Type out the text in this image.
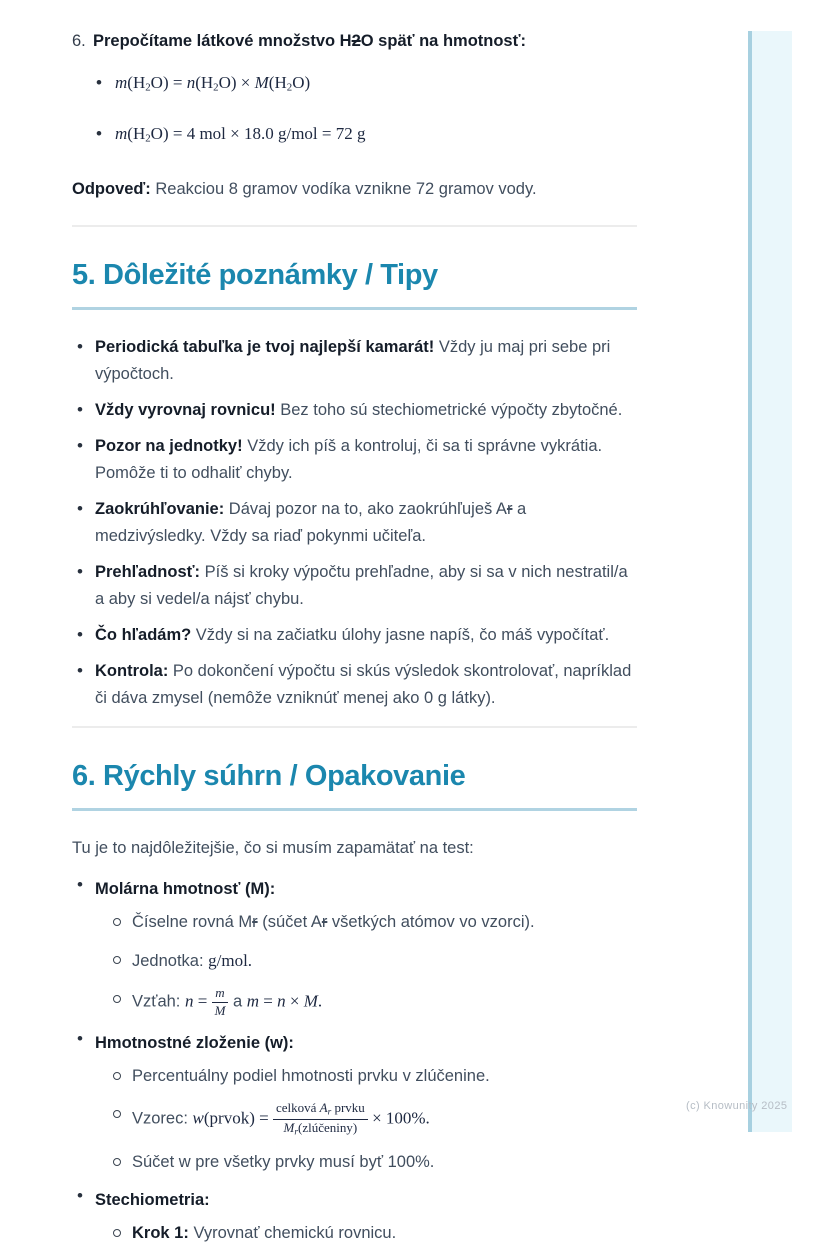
6. Prepočítame látkové množstvo H2O späť na hmotnosť:

• m(H2O) = n(H2O) × M(H2O)
• m(H2O) = 4 mol × 18.0 g/mol = 72 g

Odpoveď: Reakciou 8 gramov vodíka vznikne 72 gramov vody.

5. Dôležité poznámky / Tipy
• Periodická tabuľka je tvoj najlepší kamarát! Vždy ju maj pri sebe pri výpočtoch.
• Vždy vyrovnaj rovnicu! Bez toho sú stechiometrické výpočty zbytočné.
• Pozor na jednotky! Vždy ich píš a kontroluj, či sa ti správne vykrátia. Pomôže ti to odhaliť chyby.
• Zaokrúhľovanie: Dávaj pozor na to, ako zaokrúhľuješ Ar a medzivýsledky. Vždy sa riaď pokynmi učiteľa.
• Prehľadnosť: Píš si kroky výpočtu prehľadne, aby si sa v nich nestratil/a a aby si vedel/a nájsť chybu.
• Čo hľadám? Vždy si na začiatku úlohy jasne napíš, čo máš vypočítať.
• Kontrola: Po dokončení výpočtu si skús výsledok skontrolovať, napríklad či dáva zmysel (nemôže vzniknúť menej ako 0 g látky).
6. Rýchly súhrn / Opakovanie

Tu je to najdôležitejšie, čo si musím zapamätať na test:

• Molárna hmotnosť (M):

Číselne rovná Mr (súčet Ar všetkých atómov vo vzorci).
Jednotka: g/mol.
Vzťah: $n = \frac{m}{M}$ a m = n × M.

• Hmotnostné zloženie (w):

Percentuálny podiel hmotnosti prvku v zlúčenine.
Vzorec: w(prvok) = $\frac{\text{celková Ar prvku}}{\text{Mr(zlúčeniny)}} \times 100\%$.
Súčet w pre všetky prvky musí byť 100%.

• Stechiometria:

Krok 1: Vyrovnať chemickú rovnicu.
(c) Knowunity 2025
